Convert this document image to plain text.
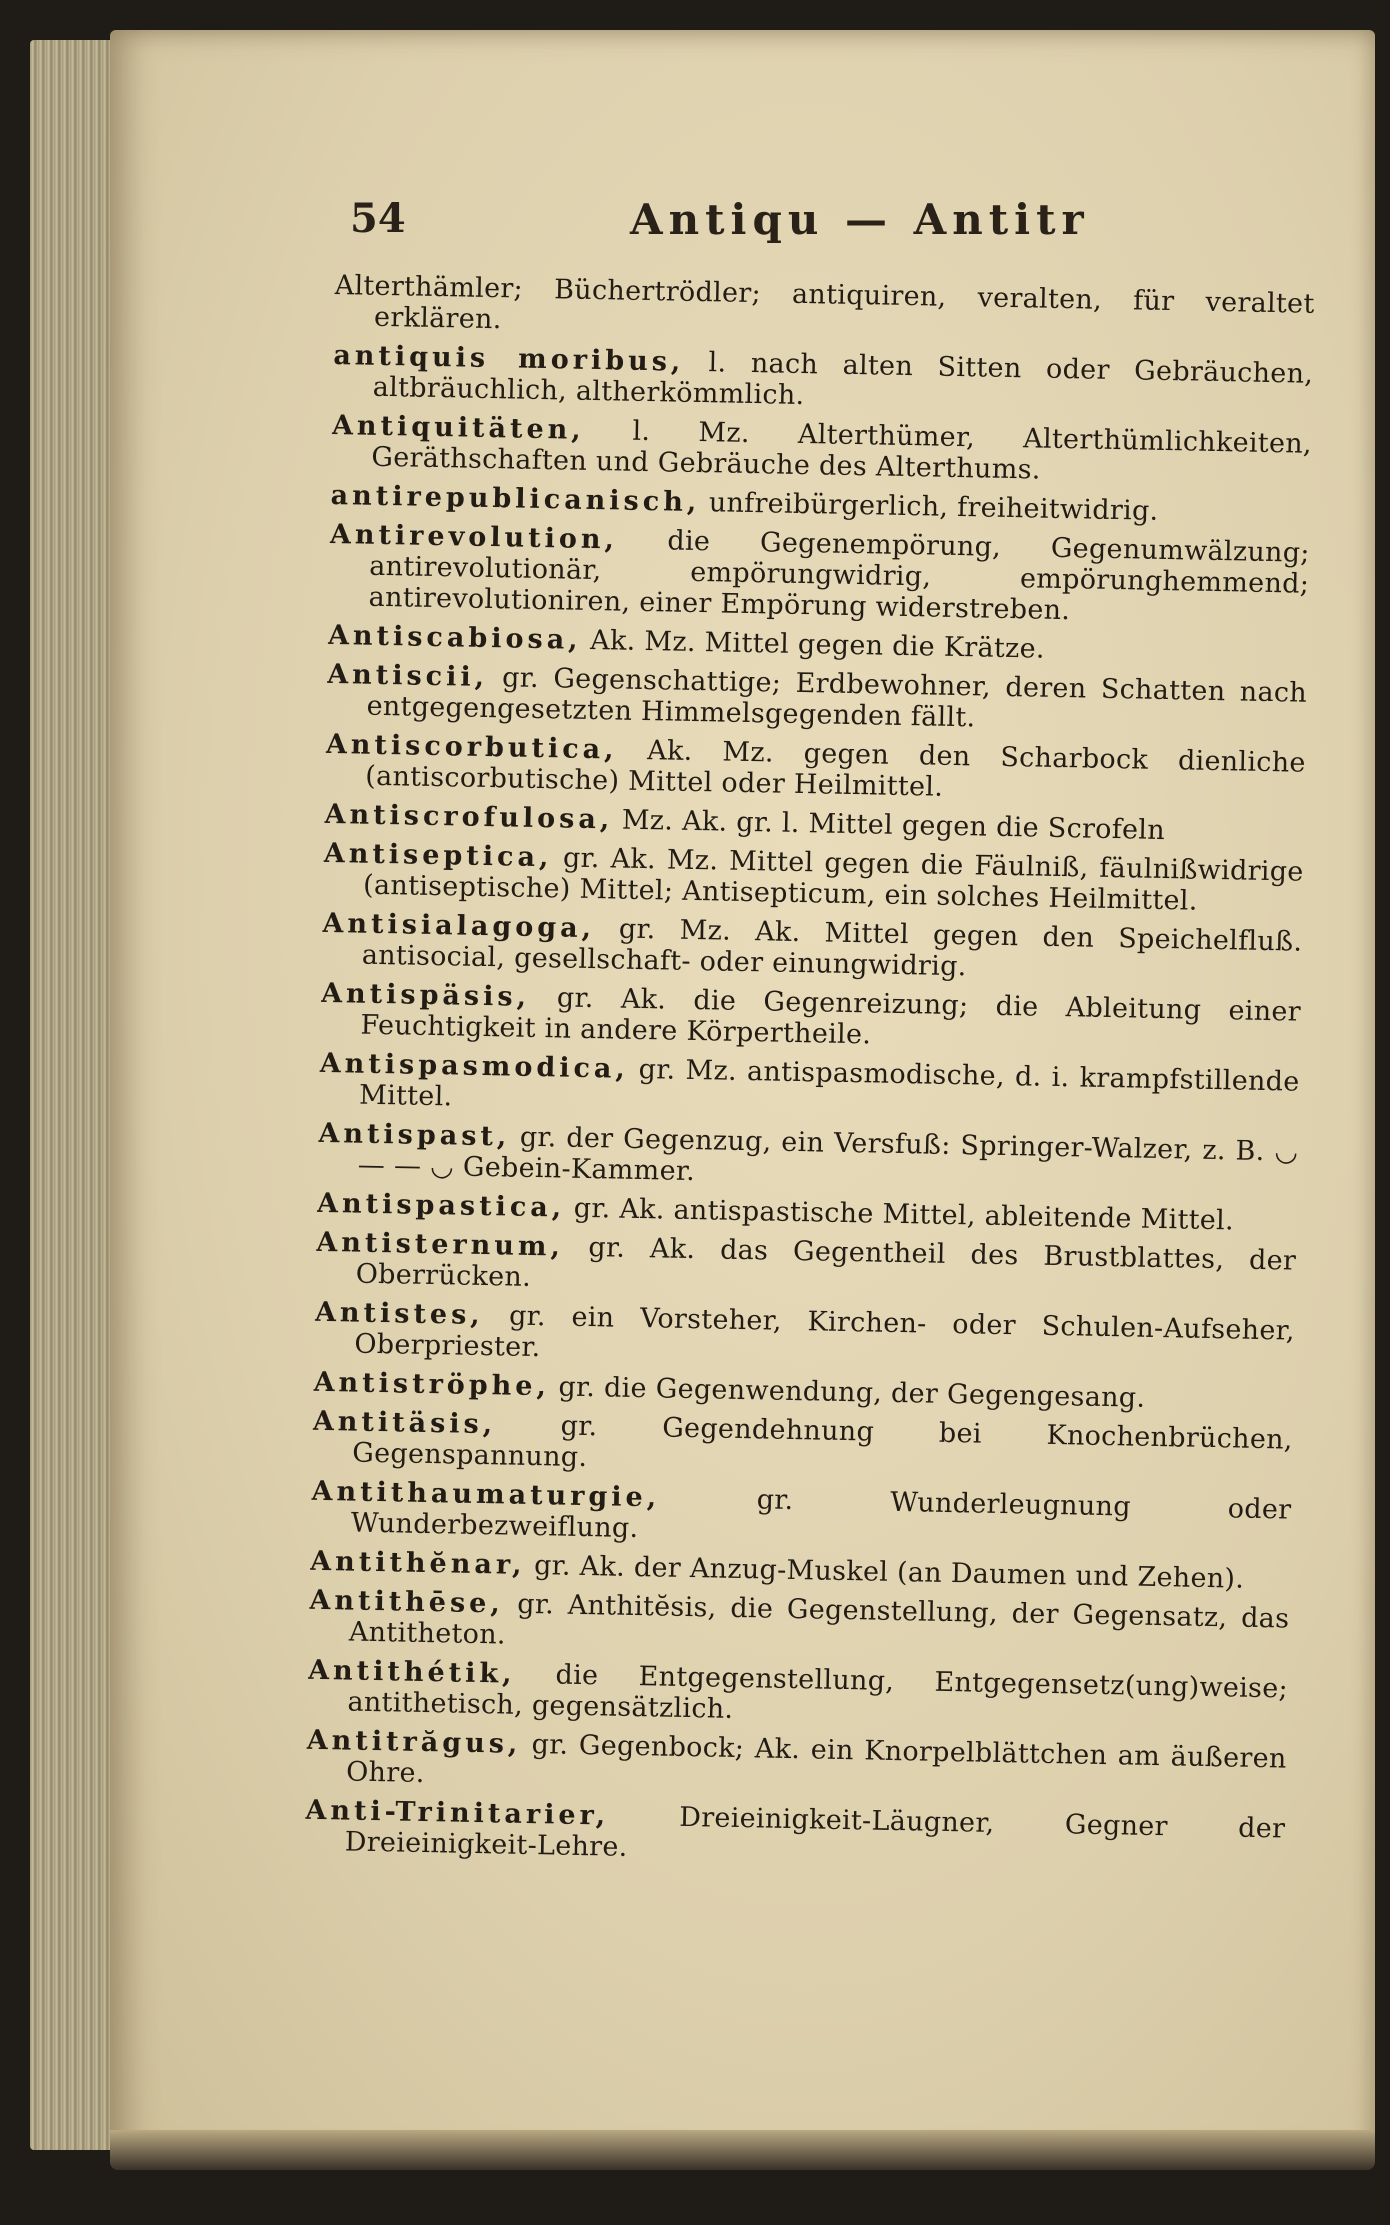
54	Antiqu — Antitr

Alterthämler; Büchertrödler; antiquiren, veralten, für veraltet erklären.

antiquis moribus, l. nach alten Sitten oder Gebräuchen, altbräuchlich, altherkömmlich.

Antiquitäten, l. Mz. Alterthümer, Alterthümlichkeiten, Geräthschaften und Gebräuche des Alterthums.

antirepublicanisch, unfreibürgerlich, freiheitwidrig.

Antirevolution, die Gegenempörung, Gegenumwälzung; antirevolutionär, empörungwidrig, empörunghemmend; antirevolutioniren, einer Empörung widerstreben.

Antiscabiosa, Ak. Mz. Mittel gegen die Krätze.

Antiscii, gr. Gegenschattige; Erdbewohner, deren Schatten nach entgegengesetzten Himmelsgegenden fällt.

Antiscorbutica, Ak. Mz. gegen den Scharbock dienliche (antiscorbutische) Mittel oder Heilmittel.

Antiscrofulosa, Mz. Ak. gr. l. Mittel gegen die Scrofeln

Antiseptica, gr. Ak. Mz. Mittel gegen die Fäulniß, fäulnißwidrige (antiseptische) Mittel; Antisepticum, ein solches Heilmittel.

Antisialagoga, gr. Mz. Ak. Mittel gegen den Speichelfluß. antisocial, gesellschaft- oder einungwidrig.

Antispäsis, gr. Ak. die Gegenreizung; die Ableitung einer Feuchtigkeit in andere Körpertheile.

Antispasmodica, gr. Mz. antispasmodische, d. i. krampfstillende Mittel.

Antispast, gr. der Gegenzug, ein Versfuß: Springer-Walzer, z. B. ◡ — — ◡ Gebein-Kammer.

Antispastica, gr. Ak. antispastische Mittel, ableitende Mittel.

Antisternum, gr. Ak. das Gegentheil des Brustblattes, der Oberrücken.

Antistes, gr. ein Vorsteher, Kirchen- oder Schulen-Aufseher, Oberpriester.

Antiströphe, gr. die Gegenwendung, der Gegengesang.

Antitäsis, gr. Gegendehnung bei Knochenbrüchen, Gegenspannung.

Antithaumaturgie,	gr. Wunderleugnung oder Wunderbezweiflung.

Antithĕnar, gr. Ak. der Anzug-Muskel (an Daumen und Zehen).

Antithēse, gr. Anthitĕsis, die Gegenstellung, der Gegensatz, das Antitheton.

Antithétik, die Entgegenstellung, Entgegensetz(ung)weise; antithetisch, gegensätzlich.

Antitrăgus, gr. Gegenbock; Ak. ein Knorpelblättchen am äußeren Ohre.

Anti-Trinitarier,	Dreieinigkeit-Läugner, Gegner der Dreieinigkeit-Lehre.
